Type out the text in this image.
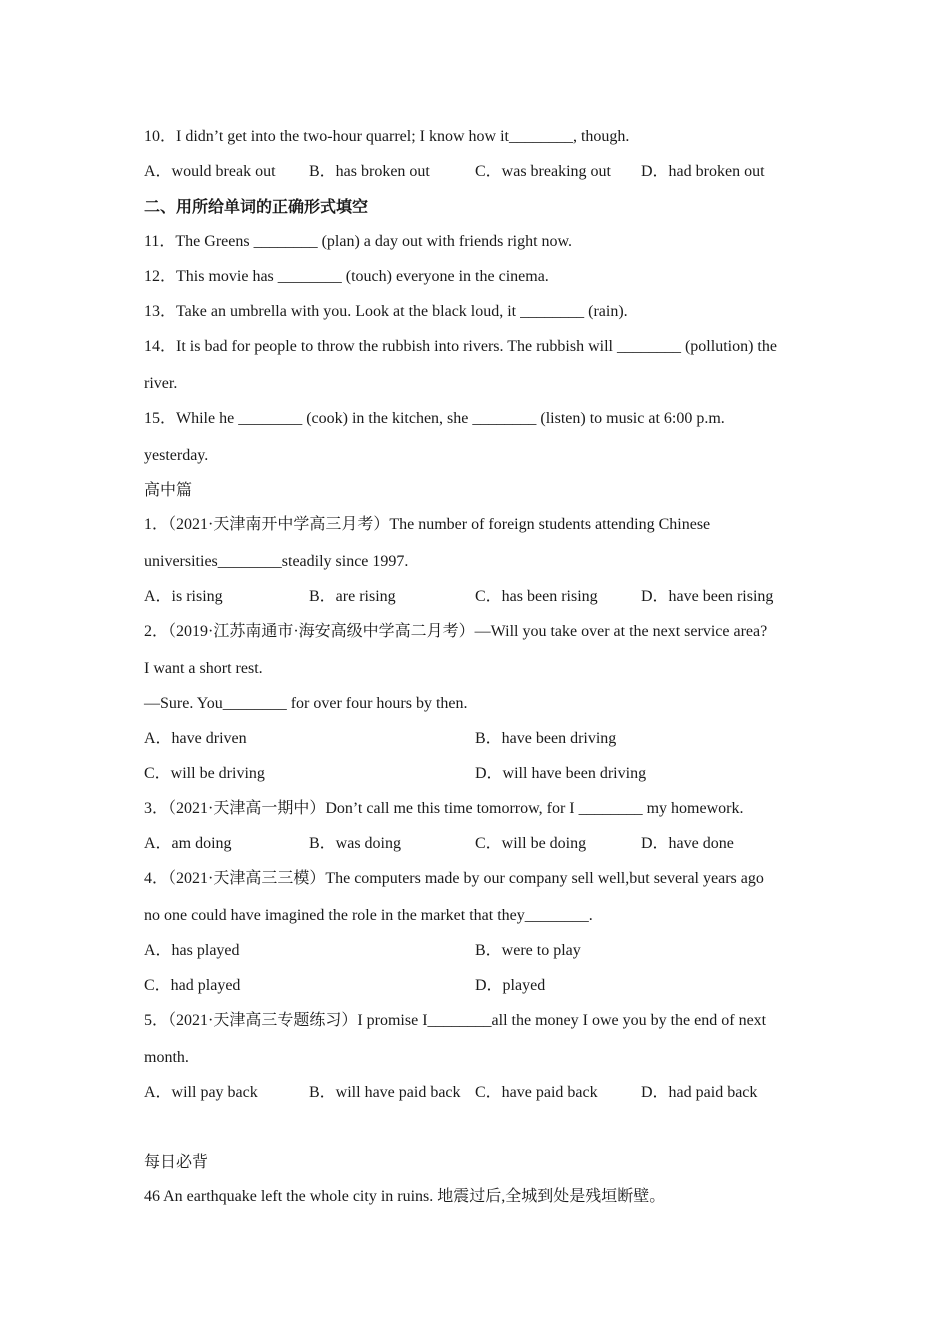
10．I didn’t get into the two-hour quarrel; I know how it________, though.
A．would break out B．has broken out	C．was breaking out D．had broken out
二、用所给单词的正确形式填空
11．The Greens ________ (plan) a day out with friends right now.
12．This movie has ________ (touch) everyone in the cinema.
13．Take an umbrella with you. Look at the black loud, it ________ (rain).
14．It is bad for people to throw the rubbish into rivers. The rubbish will ________ (pollution) the
river.
15．While he ________ (cook) in the kitchen, she ________ (listen) to music at 6:00 p.m.
yesterday.
高中篇
1．（2021·天津南开中学高三月考）The number of foreign students attending Chinese
universities________steadily since 1997.
A．is rising	B．are rising	C．has been rising	D．have been rising
2．（2019·江苏南通市·海安高级中学高二月考）—Will you take over at the next service area?
I want a short rest.
—Sure. You________ for over four hours by then.
A．have driven	B．have been driving
C．will be driving	D．will have been driving
3．（2021·天津高一期中）Don’t call me this time tomorrow, for I ________ my homework.
A．am doing	B．was doing	C．will be doing	D．have done
4．（2021·天津高三三模）The computers made by our company sell well,but several years ago
no one could have imagined the role in the market that they________.
A．has played	B．were to play
C．had played	D．played
5．（2021·天津高三专题练习）I promise I________all the money I owe you by the end of next
month.
A．will pay back	B．will have paid back C．have paid back	D．had paid back
每日必背
46 An earthquake left the whole city in ruins. 地震过后,全城到处是残垣断壁。
